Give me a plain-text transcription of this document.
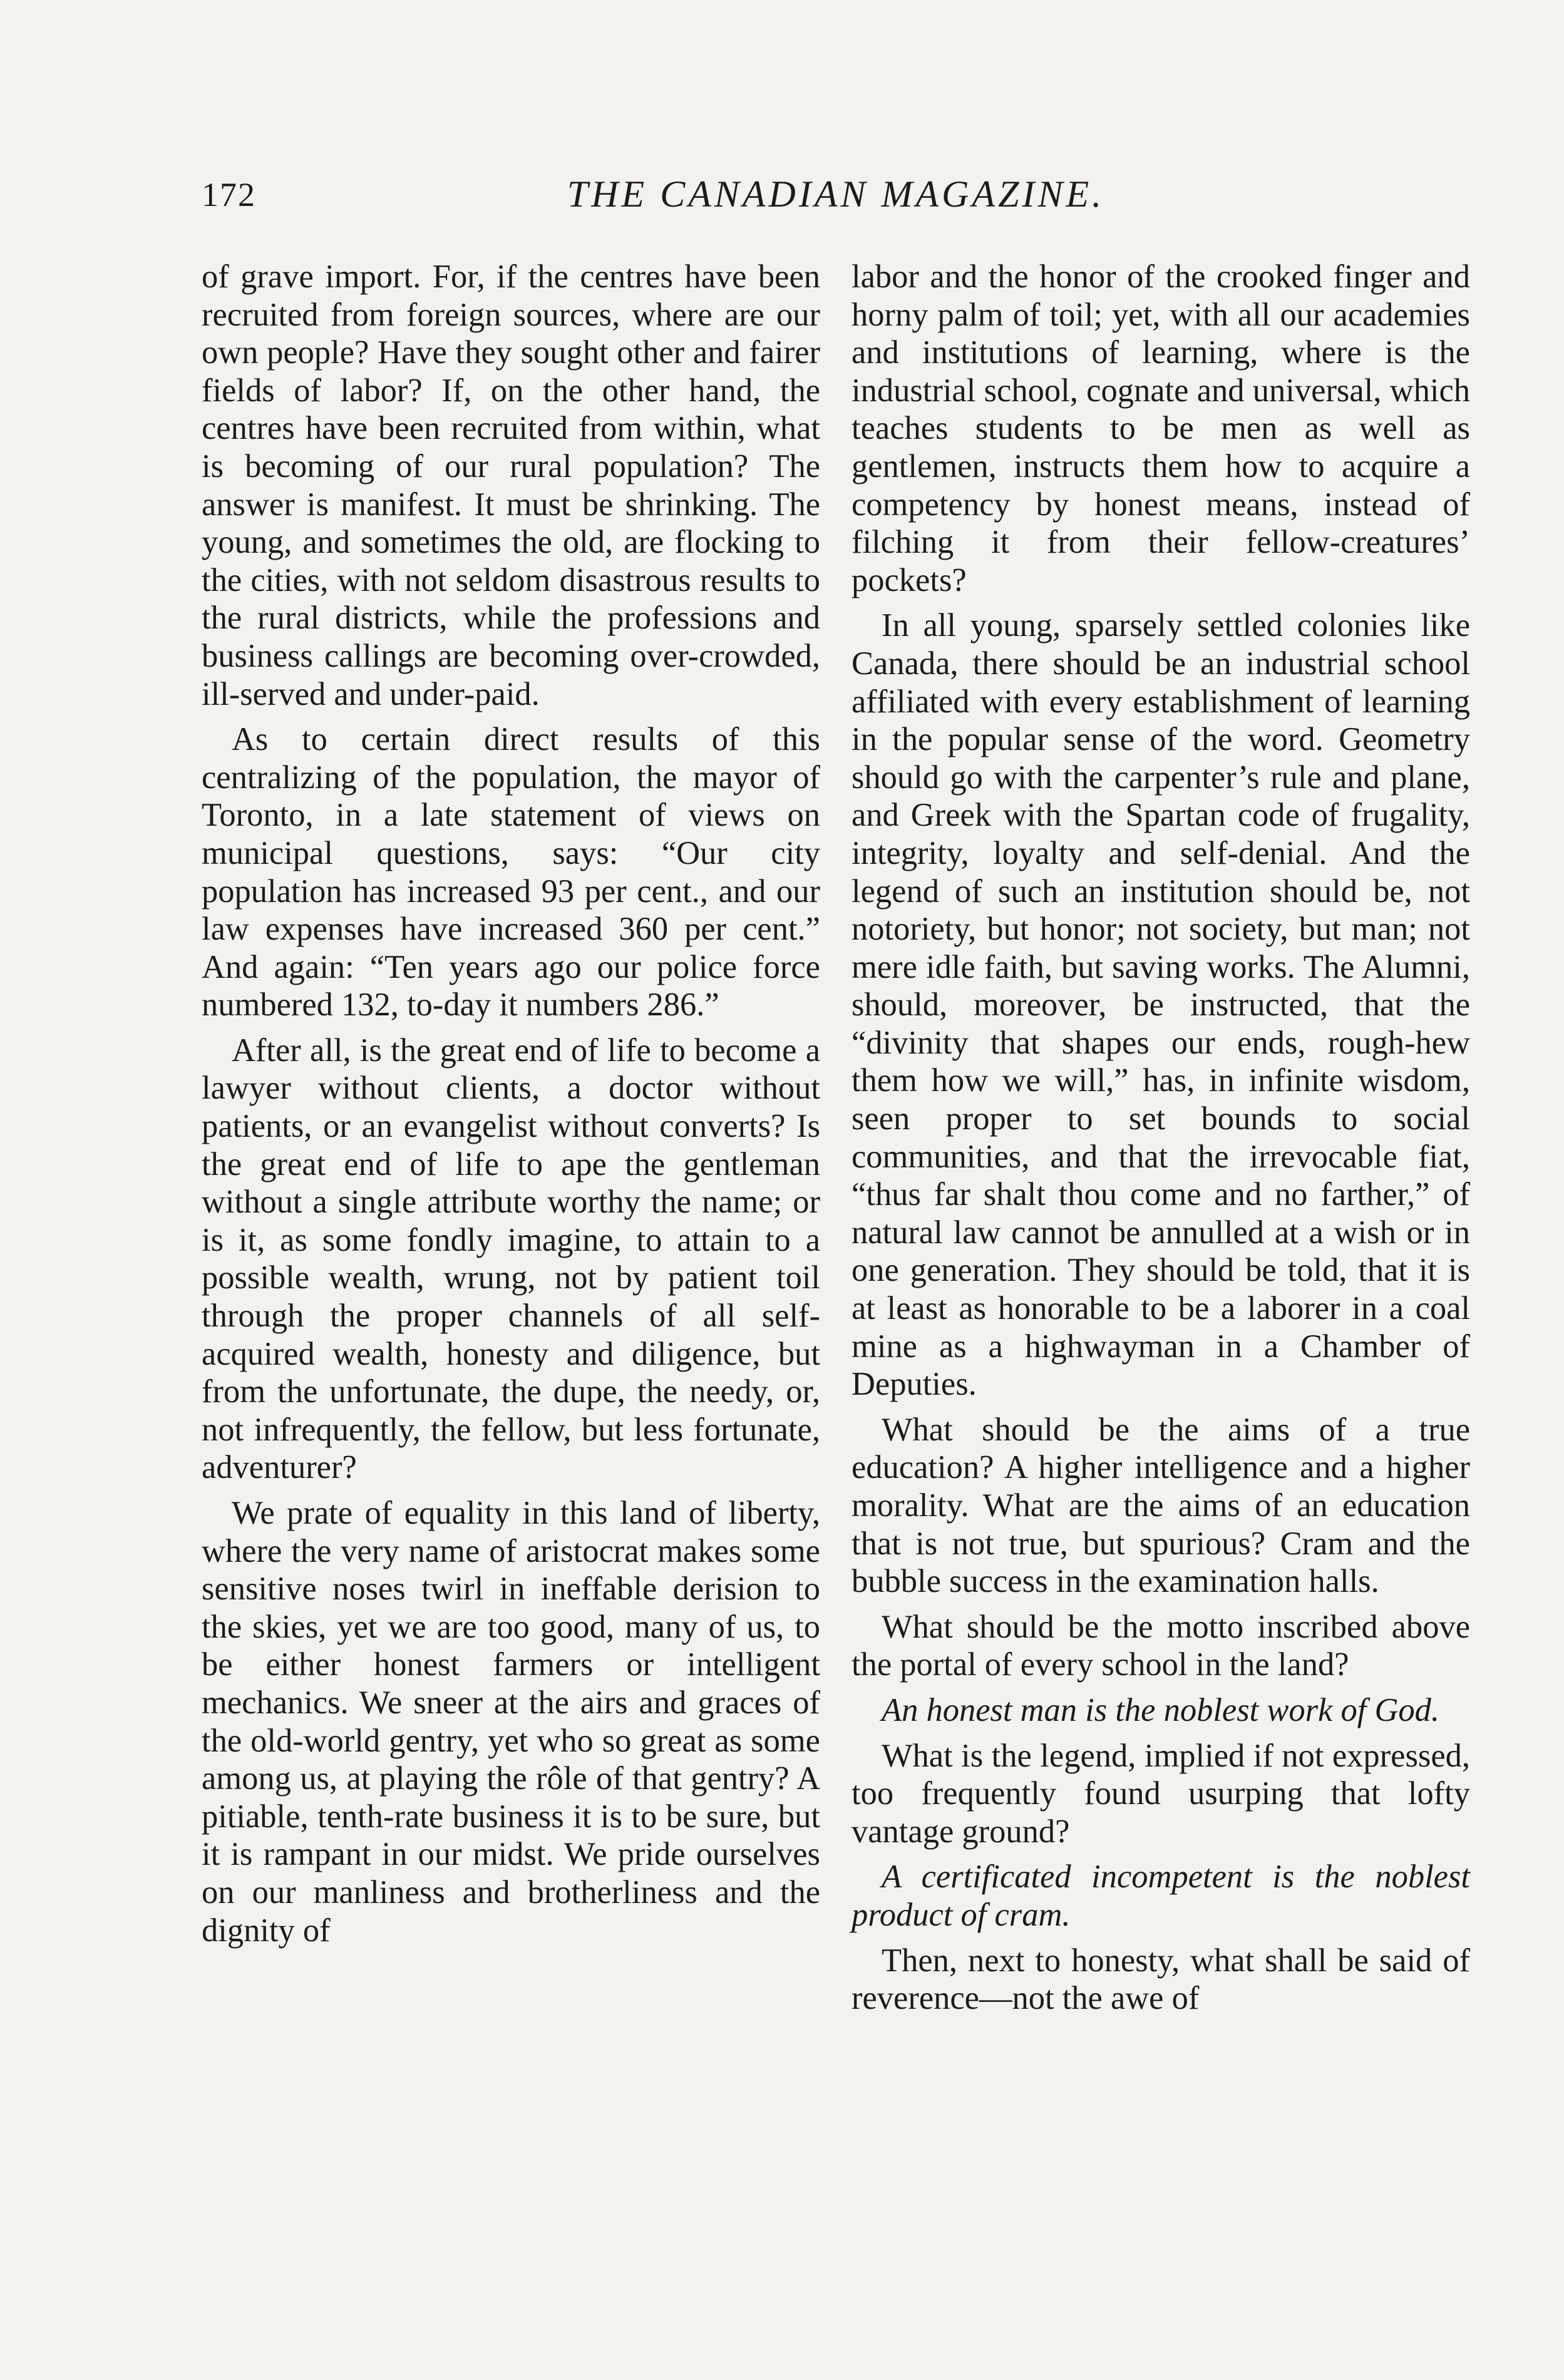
172	THE CANADIAN MAGAZINE.

of grave import. For, if the centres have been recruited from foreign sources, where are our own people? Have they sought other and fairer fields of labor? If, on the other hand, the centres have been recruited from within, what is becoming of our rural population? The answer is manifest. It must be shrinking. The young, and sometimes the old, are flocking to the cities, with not seldom disastrous results to the rural districts, while the professions and business callings are becoming over-crowded, ill-served and under-paid.

As to certain direct results of this centralizing of the population, the mayor of Toronto, in a late statement of views on municipal questions, says: “Our city population has increased 93 per cent., and our law expenses have increased 360 per cent.” And again: “Ten years ago our police force numbered 132, to-day it numbers 286.”

After all, is the great end of life to become a lawyer without clients, a doctor without patients, or an evangelist without converts? Is the great end of life to ape the gentleman without a single attribute worthy the name; or is it, as some fondly imagine, to attain to a possible wealth, wrung, not by patient toil through the proper channels of all self-acquired wealth, honesty and diligence, but from the unfortunate, the dupe, the needy, or, not infrequently, the fellow, but less fortunate, adventurer?

We prate of equality in this land of liberty, where the very name of aristocrat makes some sensitive noses twirl in ineffable derision to the skies, yet we are too good, many of us, to be either honest farmers or intelligent mechanics. We sneer at the airs and graces of the old-world gentry, yet who so great as some among us, at playing the rôle of that gentry? A pitiable, tenth-rate business it is to be sure, but it is rampant in our midst. We pride ourselves on our manliness and brotherliness and the dignity of

labor and the honor of the crooked finger and horny palm of toil; yet, with all our academies and institutions of learning, where is the industrial school, cognate and universal, which teaches students to be men as well as gentlemen, instructs them how to acquire a competency by honest means, instead of filching it from their fellow-creatures’ pockets?

In all young, sparsely settled colonies like Canada, there should be an industrial school affiliated with every establishment of learning in the popular sense of the word. Geometry should go with the carpenter’s rule and plane, and Greek with the Spartan code of frugality, integrity, loyalty and self-denial. And the legend of such an institution should be, not notoriety, but honor; not society, but man; not mere idle faith, but saving works. The Alumni, should, moreover, be instructed, that the “divinity that shapes our ends, rough-hew them how we will,” has, in infinite wisdom, seen proper to set bounds to social communities, and that the irrevocable fiat, “thus far shalt thou come and no farther,” of natural law cannot be annulled at a wish or in one generation. They should be told, that it is at least as honorable to be a laborer in a coal mine as a highwayman in a Chamber of Deputies.

What should be the aims of a true education? A higher intelligence and a higher morality. What are the aims of an education that is not true, but spurious? Cram and the bubble success in the examination halls.

What should be the motto inscribed above the portal of every school in the land?

An honest man is the noblest work of God.

What is the legend, implied if not expressed, too frequently found usurping that lofty vantage ground?

A certificated incompetent is the noblest product of cram.

Then, next to honesty, what shall be said of reverence—not the awe of
